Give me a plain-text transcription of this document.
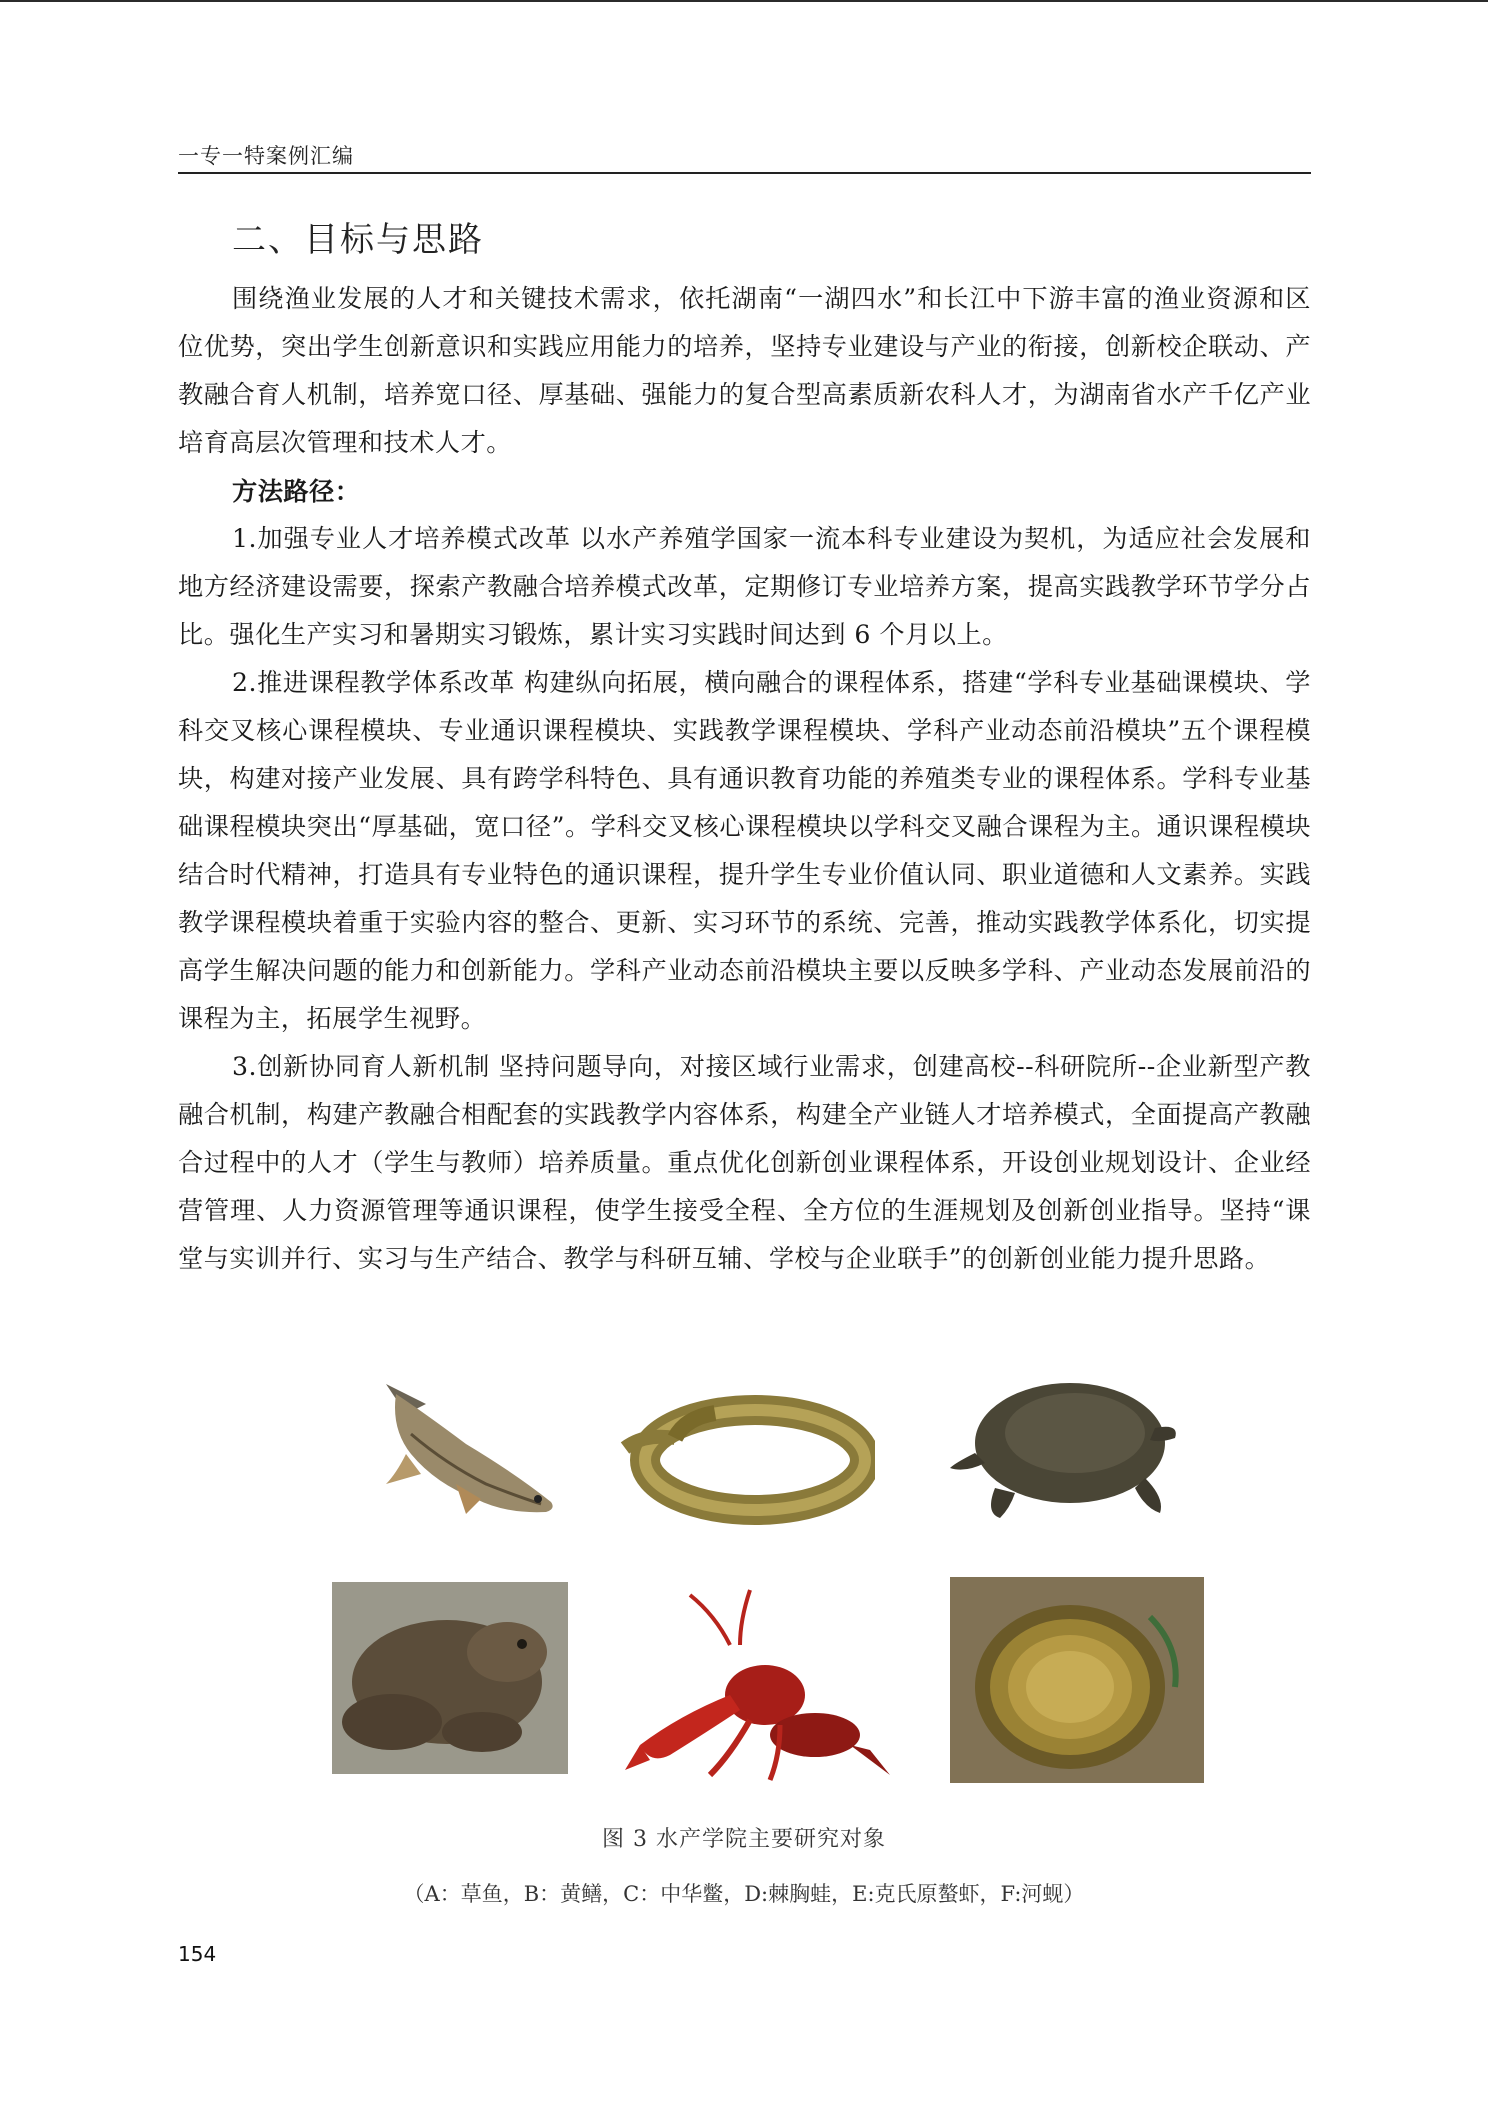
一专一特案例汇编
二、目标与思路

围绕渔业发展的人才和关键技术需求，依托湖南“一湖四水”和长江中下游丰富的渔业资源和区位优势，突出学生创新意识和实践应用能力的培养，坚持专业建设与产业的衔接，创新校企联动、产教融合育人机制，培养宽口径、厚基础、强能力的复合型高素质新农科人才，为湖南省水产千亿产业培育高层次管理和技术人才。

方法路径：

1.加强专业人才培养模式改革 以水产养殖学国家一流本科专业建设为契机，为适应社会发展和地方经济建设需要，探索产教融合培养模式改革，定期修订专业培养方案，提高实践教学环节学分占比。强化生产实习和暑期实习锻炼，累计实习实践时间达到 6 个月以上。

2.推进课程教学体系改革 构建纵向拓展，横向融合的课程体系，搭建“学科专业基础课模块、学科交叉核心课程模块、专业通识课程模块、实践教学课程模块、学科产业动态前沿模块”五个课程模块，构建对接产业发展、具有跨学科特色、具有通识教育功能的养殖类专业的课程体系。学科专业基础课程模块突出“厚基础，宽口径”。学科交叉核心课程模块以学科交叉融合课程为主。通识课程模块结合时代精神，打造具有专业特色的通识课程，提升学生专业价值认同、职业道德和人文素养。实践教学课程模块着重于实验内容的整合、更新、实习环节的系统、完善，推动实践教学体系化，切实提高学生解决问题的能力和创新能力。学科产业动态前沿模块主要以反映多学科、产业动态发展前沿的课程为主，拓展学生视野。

3.创新协同育人新机制 坚持问题导向，对接区域行业需求，创建高校--科研院所--企业新型产教融合机制，构建产教融合相配套的实践教学内容体系，构建全产业链人才培养模式，全面提高产教融合过程中的人才（学生与教师）培养质量。重点优化创新创业课程体系，开设创业规划设计、企业经营管理、人力资源管理等通识课程，使学生接受全程、全方位的生涯规划及创新创业指导。坚持“课堂与实训并行、实习与生产结合、教学与科研互辅、学校与企业联手”的创新创业能力提升思路。

图 3 水产学院主要研究对象
（A：草鱼，B：黄鳝，C：中华鳖，D:棘胸蛙，E:克氏原螯虾，F:河蚬）
154
